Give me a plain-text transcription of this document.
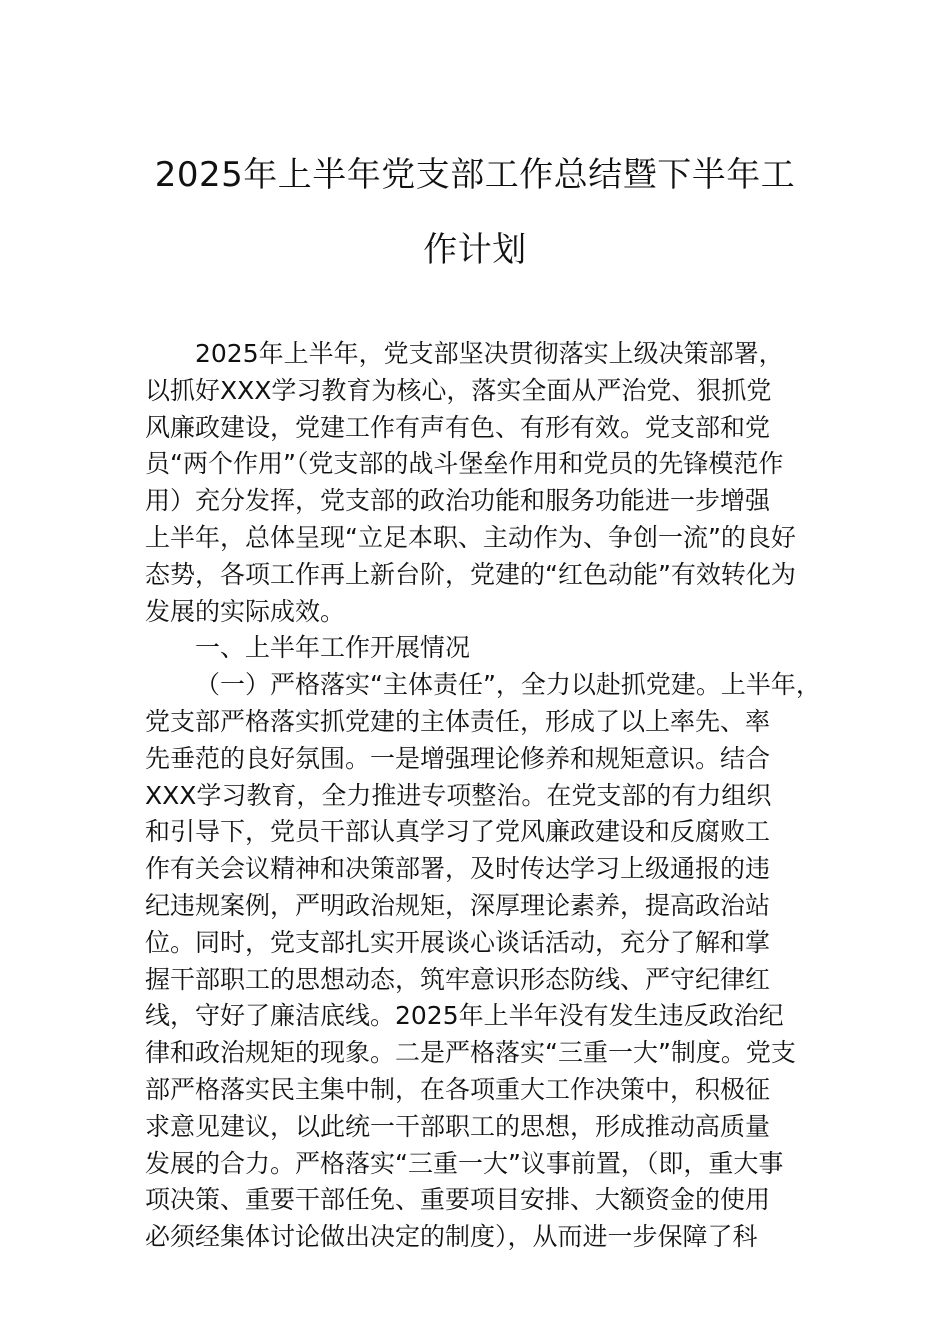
2025年上半年党支部工作总结暨下半年工
作计划
2025年上半年，党支部坚决贯彻落实上级决策部署，
以抓好XXX学习教育为核心，落实全面从严治党、狠抓党
风廉政建设，党建工作有声有色、有形有效。党支部和党
员“两个作用”（党支部的战斗堡垒作用和党员的先锋模范作
用）充分发挥，党支部的政治功能和服务功能进一步增强
上半年，总体呈现“立足本职、主动作为、争创一流”的良好
态势，各项工作再上新台阶，党建的“红色动能”有效转化为
发展的实际成效。
一、上半年工作开展情况
（一）严格落实“主体责任”，全力以赴抓党建。上半年，
党支部严格落实抓党建的主体责任，形成了以上率先、率
先垂范的良好氛围。一是增强理论修养和规矩意识。结合
XXX学习教育，全力推进专项整治。在党支部的有力组织
和引导下，党员干部认真学习了党风廉政建设和反腐败工
作有关会议精神和决策部署，及时传达学习上级通报的违
纪违规案例，严明政治规矩，深厚理论素养，提高政治站
位。同时，党支部扎实开展谈心谈话活动，充分了解和掌
握干部职工的思想动态，筑牢意识形态防线、严守纪律红
线，守好了廉洁底线。2025年上半年没有发生违反政治纪
律和政治规矩的现象。二是严格落实“三重一大”制度。党支
部严格落实民主集中制，在各项重大工作决策中，积极征
求意见建议，以此统一干部职工的思想，形成推动高质量
发展的合力。严格落实“三重一大”议事前置，（即，重大事
项决策、重要干部任免、重要项目安排、大额资金的使用
必须经集体讨论做出决定的制度），从而进一步保障了科
